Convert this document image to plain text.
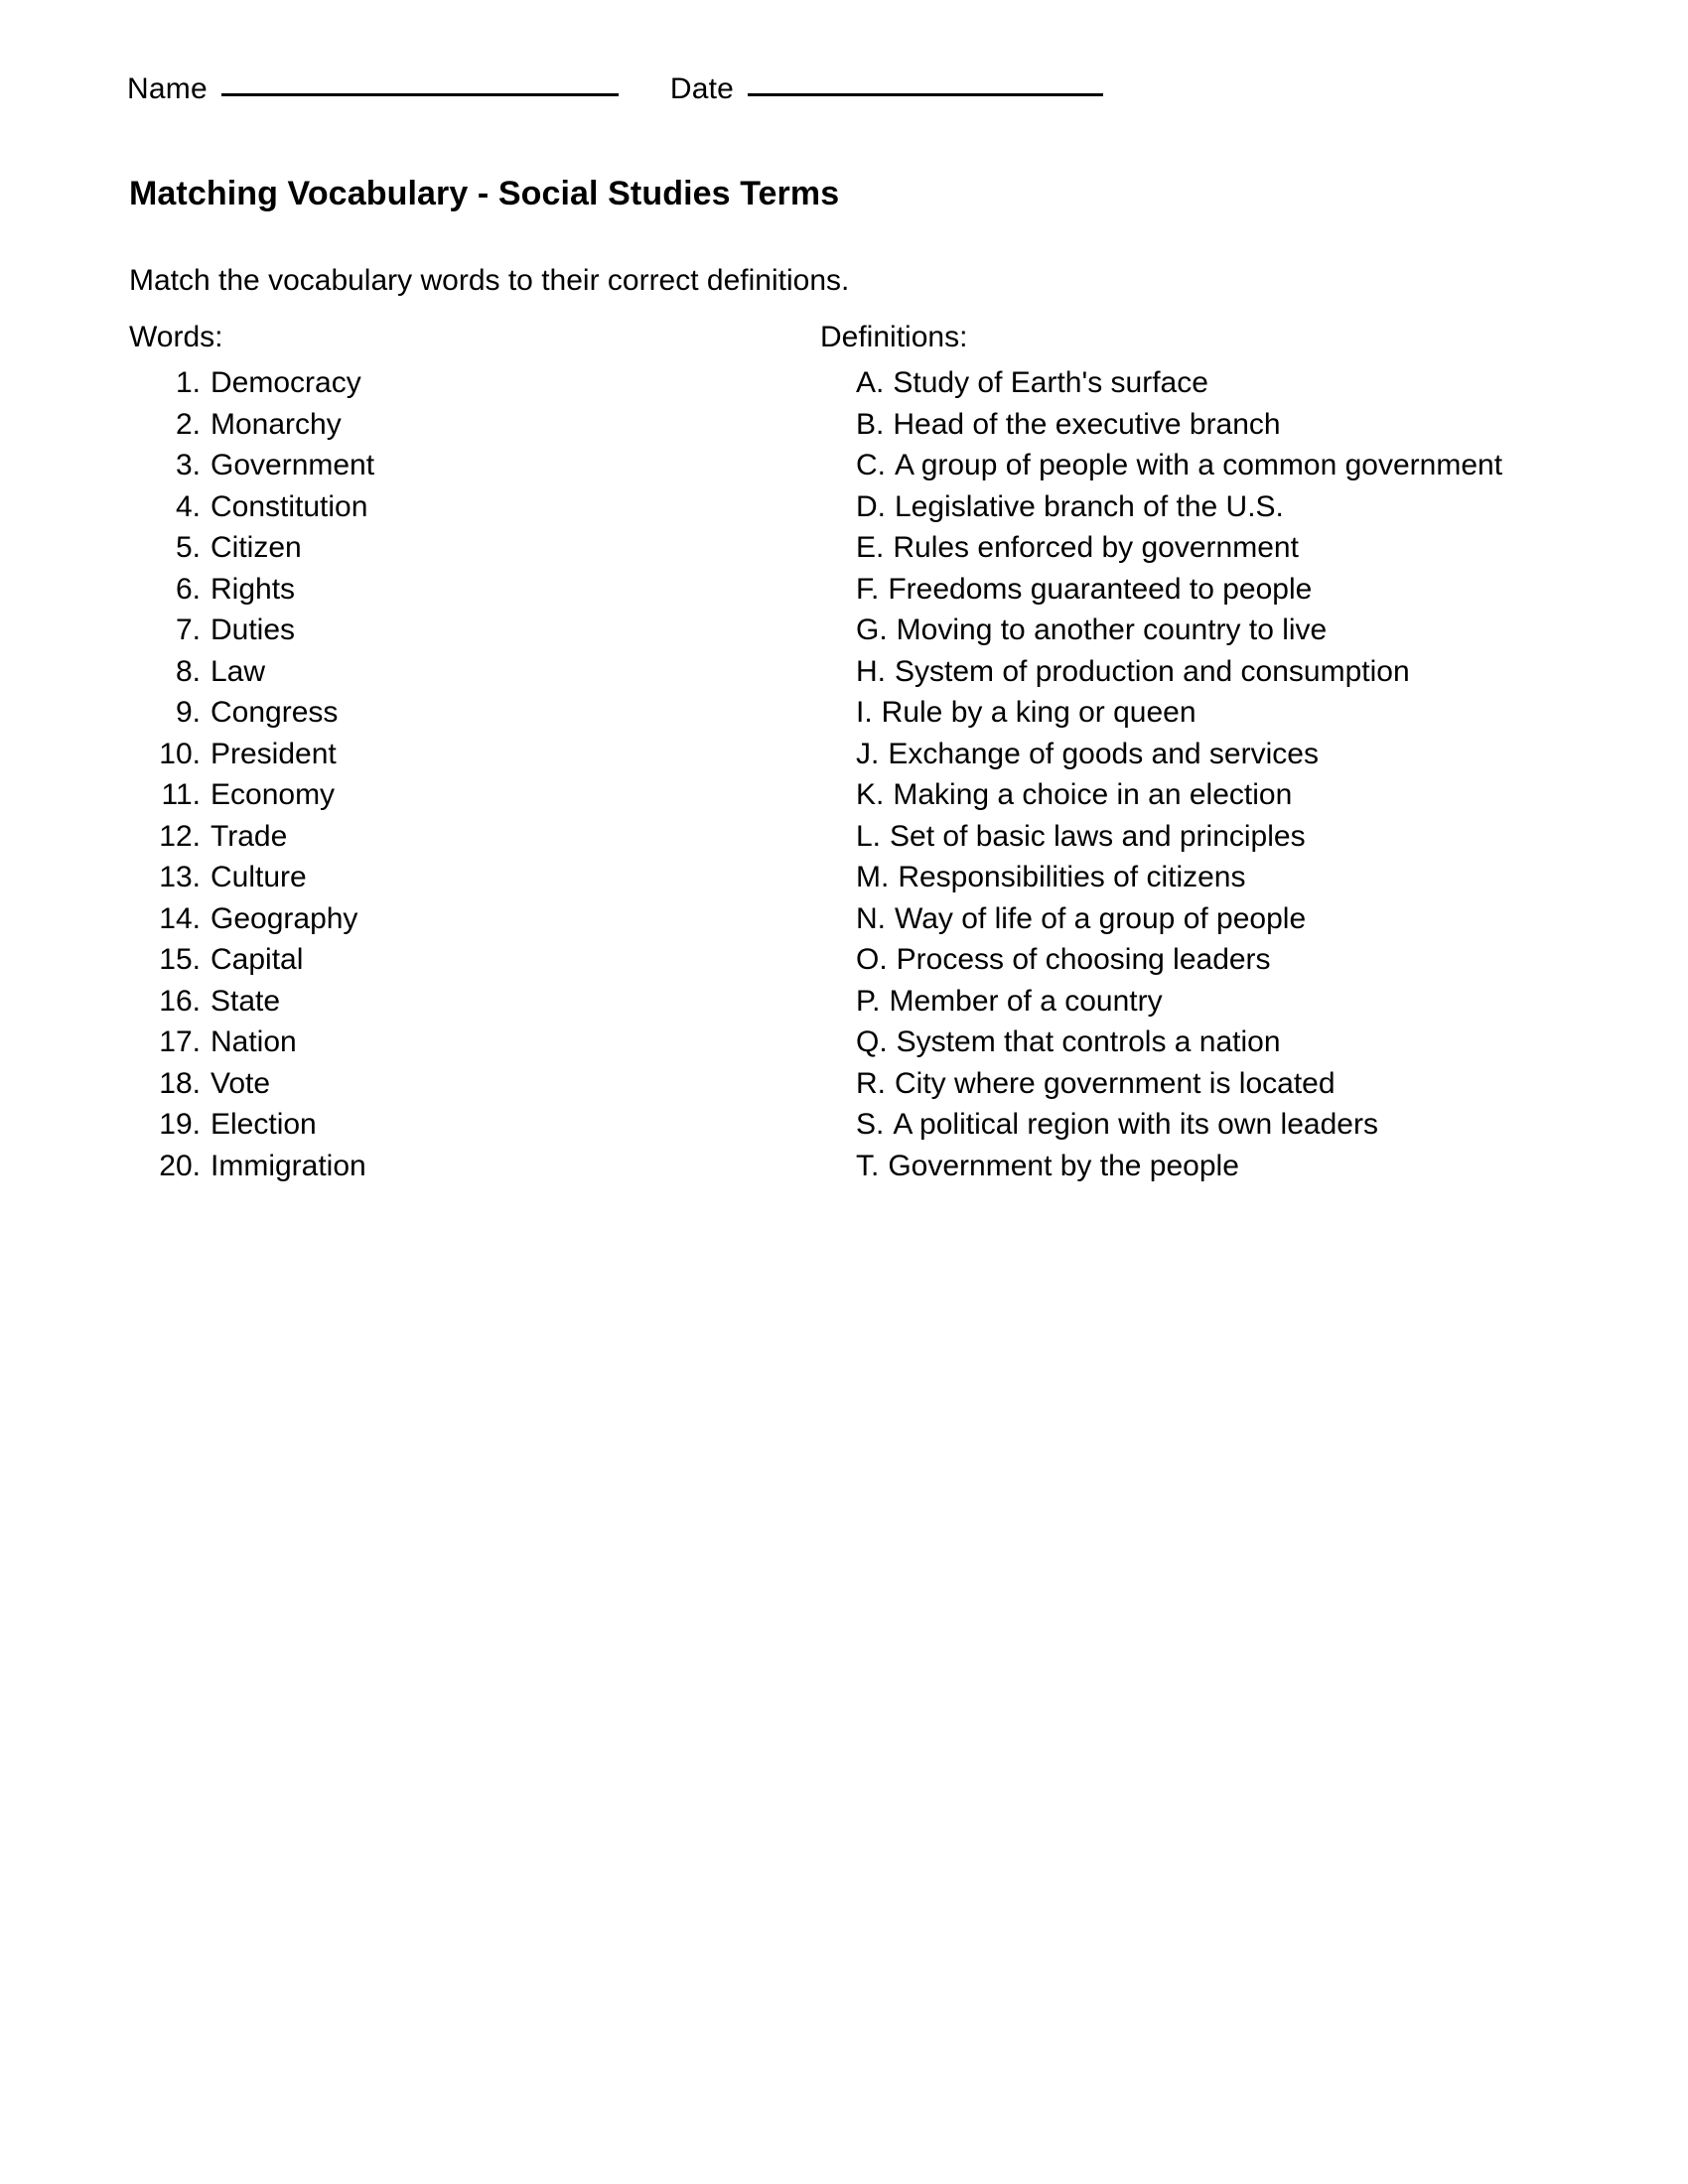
Name	Date
Matching Vocabulary - Social Studies Terms

Match the vocabulary words to their correct definitions.

Words:
1. Democracy
2. Monarchy
3. Government
4. Constitution
5. Citizen
6. Rights
7. Duties
8. Law
9. Congress
10. President
11. Economy
12. Trade
13. Culture
14. Geography
15. Capital
16. State
17. Nation
18. Vote
19. Election
20. Immigration
Definitions:
A. Study of Earth's surface
B. Head of the executive branch
C. A group of people with a common government
D. Legislative branch of the U.S.
E. Rules enforced by government
F. Freedoms guaranteed to people
G. Moving to another country to live
H. System of production and consumption
I. Rule by a king or queen
J. Exchange of goods and services
K. Making a choice in an election
L. Set of basic laws and principles
M. Responsibilities of citizens
N. Way of life of a group of people
O. Process of choosing leaders
P. Member of a country
Q. System that controls a nation
R. City where government is located
S. A political region with its own leaders
T. Government by the people
